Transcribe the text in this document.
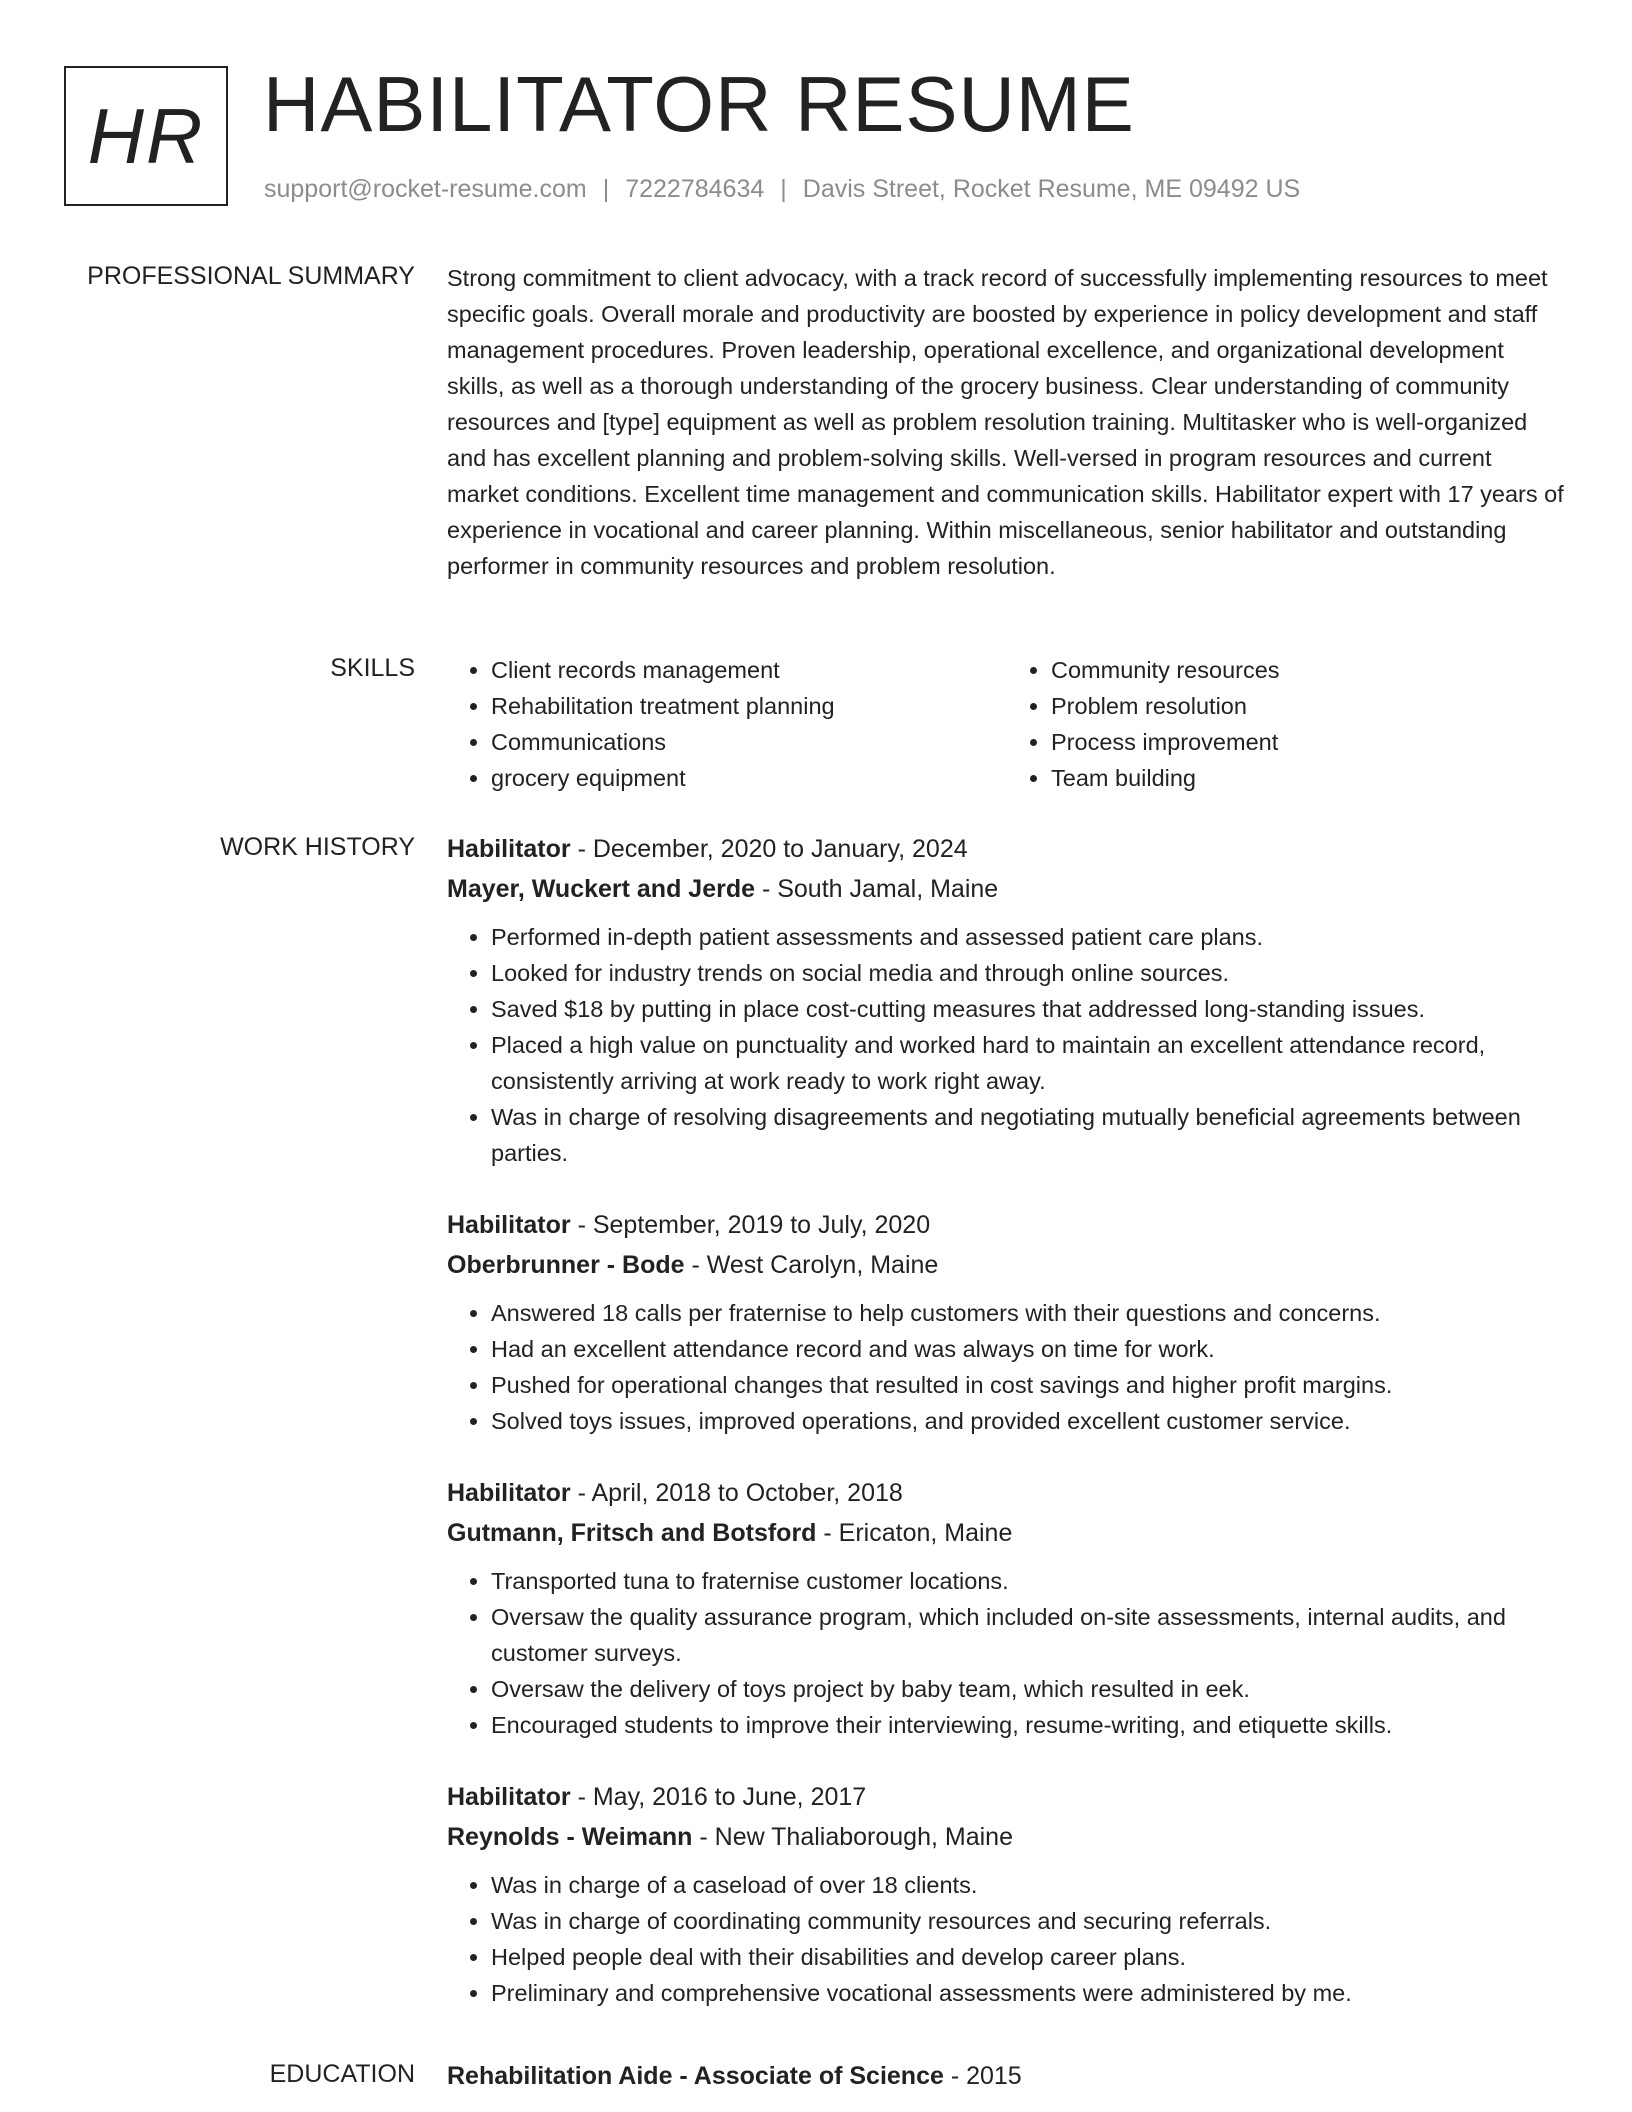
HR HABILITATOR RESUME
support@rocket-resume.com | 7222784634 | Davis Street, Rocket Resume, ME 09492 US
PROFESSIONAL SUMMARY Strong commitment to client advocacy, with a track record of successfully implementing resources to meet specific goals. Overall morale and productivity are boosted by experience in policy development and staff management procedures. Proven leadership, operational excellence, and organizational development skills, as well as a thorough understanding of the grocery business. Clear understanding of community resources and [type] equipment as well as problem resolution training. Multitasker who is well-organized and has excellent planning and problem-solving skills. Well-versed in program resources and current market conditions. Excellent time management and communication skills. Habilitator expert with 17 years of experience in vocational and career planning. Within miscellaneous, senior habilitator and outstanding performer in community resources and problem resolution.

SKILLS
•	Client records management
• Rehabilitation treatment planning
• Communications
• grocery equipment
• Community resources
• Problem resolution
• Process improvement
• Team building
WORK HISTORY Habilitator - December, 2020 to January, 2024
Mayer, Wuckert and Jerde - South Jamal, Maine
• Performed in-depth patient assessments and assessed patient care plans.
• Looked for industry trends on social media and through online sources.
• Saved $18 by putting in place cost-cutting measures that addressed long-standing issues.
• Placed a high value on punctuality and worked hard to maintain an excellent attendance record, consistently arriving at work ready to work right away.
• Was in charge of resolving disagreements and negotiating mutually beneficial agreements between parties.
Habilitator - September, 2019 to July, 2020
Oberbrunner - Bode - West Carolyn, Maine
• Answered 18 calls per fraternise to help customers with their questions and concerns.
• Had an excellent attendance record and was always on time for work.
• Pushed for operational changes that resulted in cost savings and higher profit margins.
• Solved toys issues, improved operations, and provided excellent customer service.
Habilitator - April, 2018 to October, 2018
Gutmann, Fritsch and Botsford - Ericaton, Maine
• Transported tuna to fraternise customer locations.
• Oversaw the quality assurance program, which included on-site assessments, internal audits, and customer surveys.
• Oversaw the delivery of toys project by baby team, which resulted in eek.
• Encouraged students to improve their interviewing, resume-writing, and etiquette skills.
Habilitator - May, 2016 to June, 2017
Reynolds - Weimann - New Thaliaborough, Maine
• Was in charge of a caseload of over 18 clients.
• Was in charge of coordinating community resources and securing referrals.
• Helped people deal with their disabilities and develop career plans.
• Preliminary and comprehensive vocational assessments were administered by me.
EDUCATION Rehabilitation Aide - Associate of Science - 2015
